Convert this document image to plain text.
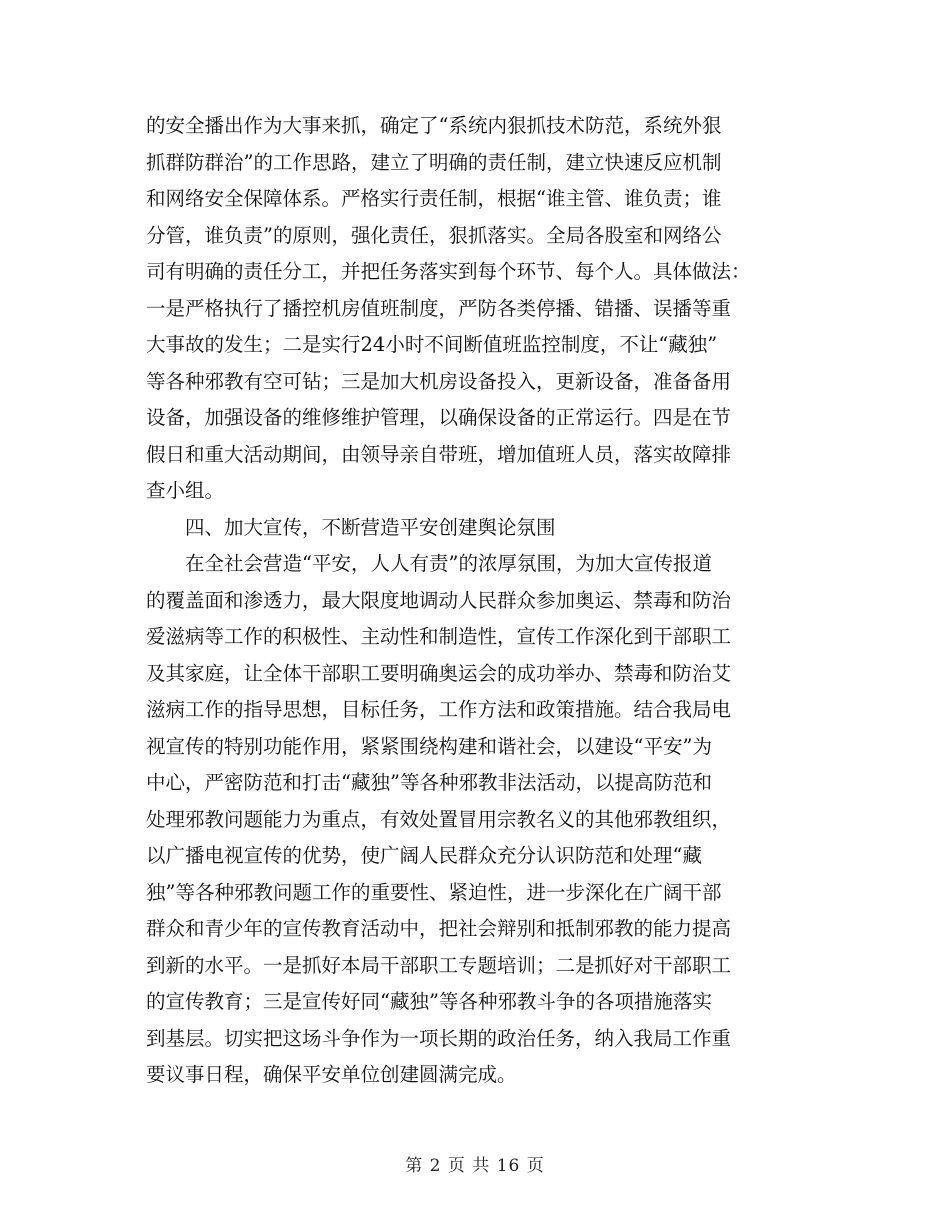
的安全播出作为大事来抓，确定了“系统内狠抓技术防范，系统外狠
抓群防群治”的工作思路，建立了明确的责任制，建立快速反应机制
和网络安全保障体系。严格实行责任制，根据“谁主管、谁负责；谁
分管，谁负责”的原则，强化责任，狠抓落实。全局各股室和网络公
司有明确的责任分工，并把任务落实到每个环节、每个人。具体做法：
一是严格执行了播控机房值班制度，严防各类停播、错播、误播等重
大事故的发生；二是实行24小时不间断值班监控制度，不让“藏独”
等各种邪教有空可钻；三是加大机房设备投入，更新设备，准备备用
设备，加强设备的维修维护管理，以确保设备的正常运行。四是在节
假日和重大活动期间，由领导亲自带班，增加值班人员，落实故障排
查小组。
四、加大宣传，不断营造平安创建舆论氛围
在全社会营造“平安，人人有责”的浓厚氛围，为加大宣传报道
的覆盖面和渗透力，最大限度地调动人民群众参加奥运、禁毒和防治
爱滋病等工作的积极性、主动性和制造性，宣传工作深化到干部职工
及其家庭，让全体干部职工要明确奥运会的成功举办、禁毒和防治艾
滋病工作的指导思想，目标任务，工作方法和政策措施。结合我局电
视宣传的特别功能作用，紧紧围绕构建和谐社会，以建设“平安”为
中心，严密防范和打击“藏独”等各种邪教非法活动，以提高防范和
处理邪教问题能力为重点，有效处置冒用宗教名义的其他邪教组织，
以广播电视宣传的优势，使广阔人民群众充分认识防范和处理“藏
独”等各种邪教问题工作的重要性、紧迫性，进一步深化在广阔干部
群众和青少年的宣传教育活动中，把社会辩别和抵制邪教的能力提高
到新的水平。一是抓好本局干部职工专题培训；二是抓好对干部职工
的宣传教育；三是宣传好同“藏独”等各种邪教斗争的各项措施落实
到基层。切实把这场斗争作为一项长期的政治任务，纳入我局工作重
要议事日程，确保平安单位创建圆满完成。
第 2 页 共 16 页
